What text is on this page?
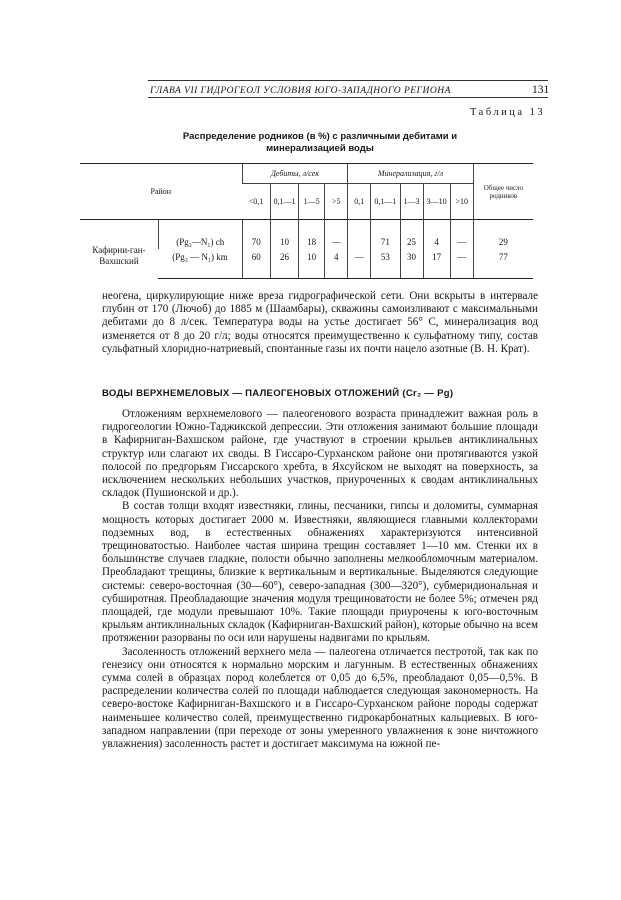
ГЛАВА VII ГИДРОГЕОЛ УСЛОВИЯ ЮГО-ЗАПАДНОГО РЕГИОНА	131
Таблица 13
Распределение родников (в %) с различными дебитами и
минерализацией воды
Район		Дебиты, л/сек				Минерализация, г/л					Общее число родников
		<0,1	0,1—1	1—5	>5	0,1	0,1—1	1—3	3—10	>10	
Кафирни-ган-Вахшский	(Pg₃—N₁) ch	70	10	18	—		71	25	4	—	29
	(Pg₃ — N₁) km	60	26	10	4	—	53	30	17	—	77

неогена, циркулирующие ниже вреза гидрографической сети. Они вскрыты в интервале глубин от 170 (Лючоб) до 1885 м (Шаамбары), скважины самоизливают с максимальными дебитами до 8 л/сек. Температура воды на устье достигает 56° С, минерализация вод изменяется от 8 до 20 г/л; воды относятся преимущественно к сульфатному типу, состав сульфатный хлоридно-натриевый, спонтанные газы их почти нацело азотные (В. Н. Крат).

ВОДЫ ВЕРХНЕМЕЛОВЫХ — ПАЛЕОГЕНОВЫХ ОТЛОЖЕНИЙ (Cr₂ — Pg)

Отложениям верхнемелового — палеогенового возраста принадлежит важная роль в гидрогеологии Южно-Таджикской депрессии. Эти отложения занимают большие площади в Кафирниган-Вахшском районе, где участвуют в строении крыльев антиклинальных структур или слагают их своды. В Гиссаро-Сурханском районе они протягиваются узкой полосой по предгорьям Гиссарского хребта, в Яхсуйском не выходят на поверхность, за исключением нескольких небольших участков, приуроченных к сводам антиклинальных складок (Пушионской и др.).

В состав толщи входят известняки, глины, песчаники, гипсы и доломиты, суммарная мощность которых достигает 2000 м. Известняки, являющиеся главными коллекторами подземных вод, в естественных обнажениях характеризуются интенсивной трещиноватостью. Наиболее частая ширина трещин составляет 1—10 мм. Стенки их в большинстве случаев гладкие, полости обычно заполнены мелкообломочным материалом. Преобладают трещины, близкие к вертикальным и вертикальные. Выделяются следующие системы: северо-восточная (30—60°), северо-западная (300—320°), субмеридиональная и субширотная. Преобладающие значения модуля трещиноватости не более 5%; отмечен ряд площадей, где модули превышают 10%. Такие площади приурочены к юго-восточным крыльям антиклинальных складок (Кафирниган-Вахшский район), которые обычно на всем протяжении разорваны по оси или нарушены надвигами по крыльям.

Засоленность отложений верхнего мела — палеогена отличается пестротой, так как по генезису они относятся к нормально морским и лагунным. В естественных обнажениях сумма солей в образцах пород колеблется от 0,05 до 6,5%, преобладают 0,05—0,5%. В распределении количества солей по площади наблюдается следующая закономерность. На северо-востоке Кафирниган-Вахшского и в Гиссаро-Сурханском районе породы содержат наименьшее количество солей, преимущественно гидрокарбонатных кальциевых. В юго-западном направлении (при переходе от зоны умеренного увлажнения к зоне ничтожного увлажнения) засоленность растет и достигает максимума на южной пе-
